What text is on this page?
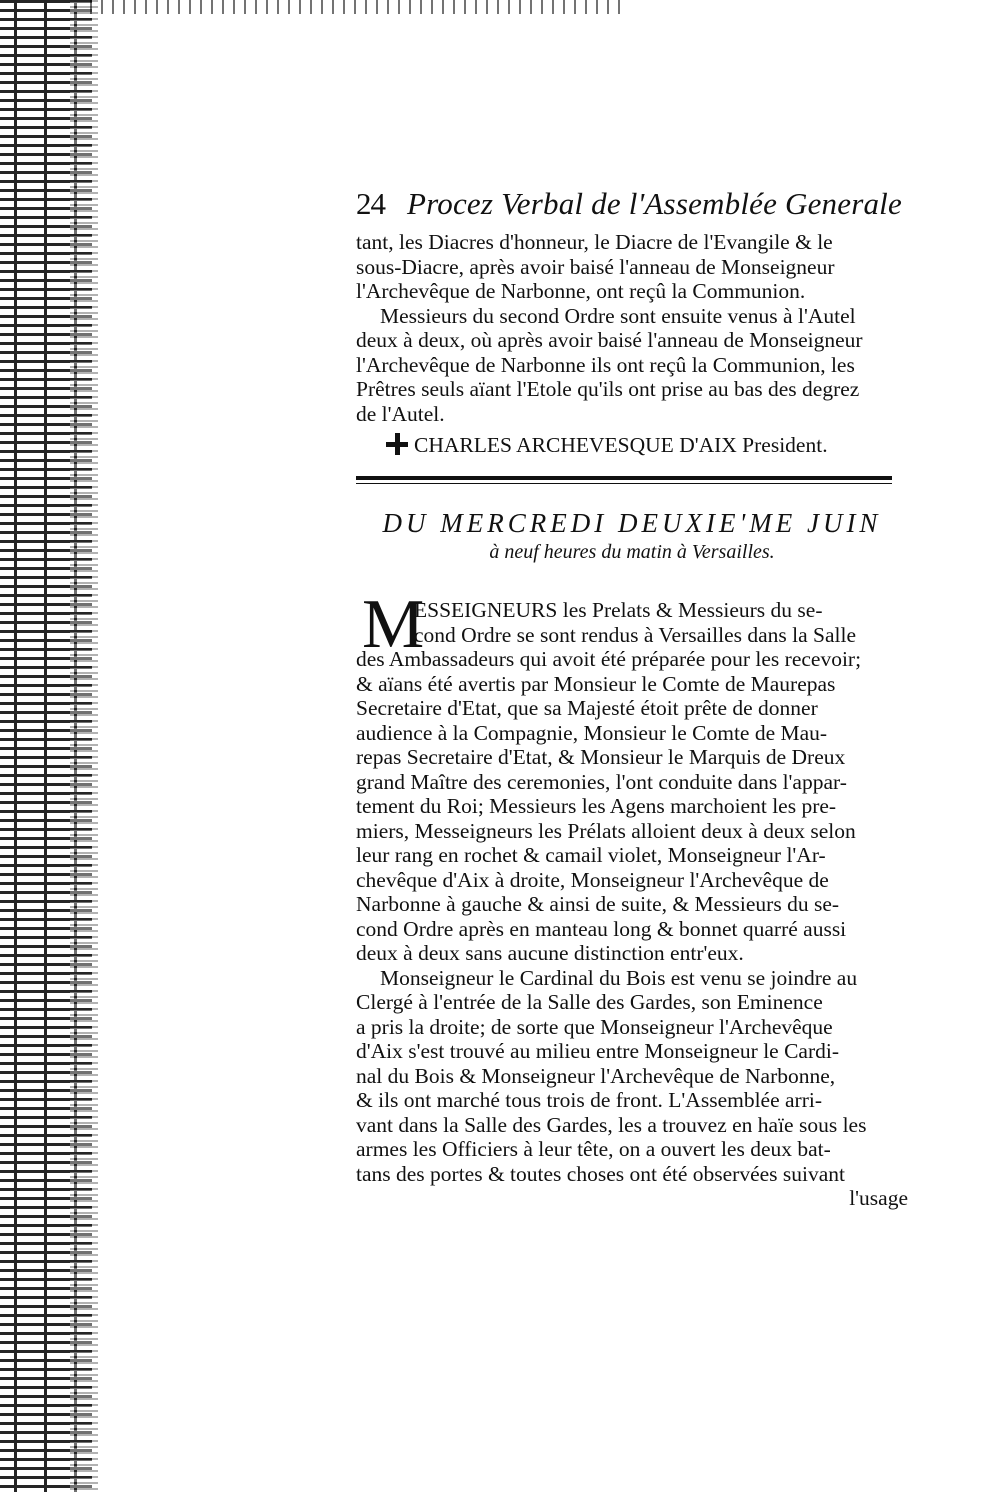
24 Procez Verbal de l'Assemblée Generale
tant, les Diacres d'honneur, le Diacre de l'Evangile & le
sous-Diacre, après avoir baisé l'anneau de Monseigneur
l'Archevêque de Narbonne, ont reçû la Communion.
Messieurs du second Ordre sont ensuite venus à l'Autel
deux à deux, où après avoir baisé l'anneau de Monseigneur
l'Archevêque de Narbonne ils ont reçû la Communion, les
Prêtres seuls aïant l'Etole qu'ils ont prise au bas des degrez
de l'Autel.
CHARLES ARCHEVESQUE D'AIX President.
DU MERCREDI DEUXIE'ME JUIN
à neuf heures du matin à Versailles.
M
ESSEIGNEURS les Prelats & Messieurs du se-
cond Ordre se sont rendus à Versailles dans la Salle
des Ambassadeurs qui avoit été préparée pour les recevoir;
& aïans été avertis par Monsieur le Comte de Maurepas
Secretaire d'Etat, que sa Majesté étoit prête de donner
audience à la Compagnie, Monsieur le Comte de Mau-
repas Secretaire d'Etat, & Monsieur le Marquis de Dreux
grand Maître des ceremonies, l'ont conduite dans l'appar-
tement du Roi; Messieurs les Agens marchoient les pre-
miers, Messeigneurs les Prélats alloient deux à deux selon
leur rang en rochet & camail violet, Monseigneur l'Ar-
chevêque d'Aix à droite, Monseigneur l'Archevêque de
Narbonne à gauche & ainsi de suite, & Messieurs du se-
cond Ordre après en manteau long & bonnet quarré aussi
deux à deux sans aucune distinction entr'eux.
Monseigneur le Cardinal du Bois est venu se joindre au
Clergé à l'entrée de la Salle des Gardes, son Eminence
a pris la droite; de sorte que Monseigneur l'Archevêque
d'Aix s'est trouvé au milieu entre Monseigneur le Cardi-
nal du Bois & Monseigneur l'Archevêque de Narbonne,
& ils ont marché tous trois de front. L'Assemblée arri-
vant dans la Salle des Gardes, les a trouvez en haïe sous les
armes les Officiers à leur tête, on a ouvert les deux bat-
tans des portes & toutes choses ont été observées suivant
l'usage
